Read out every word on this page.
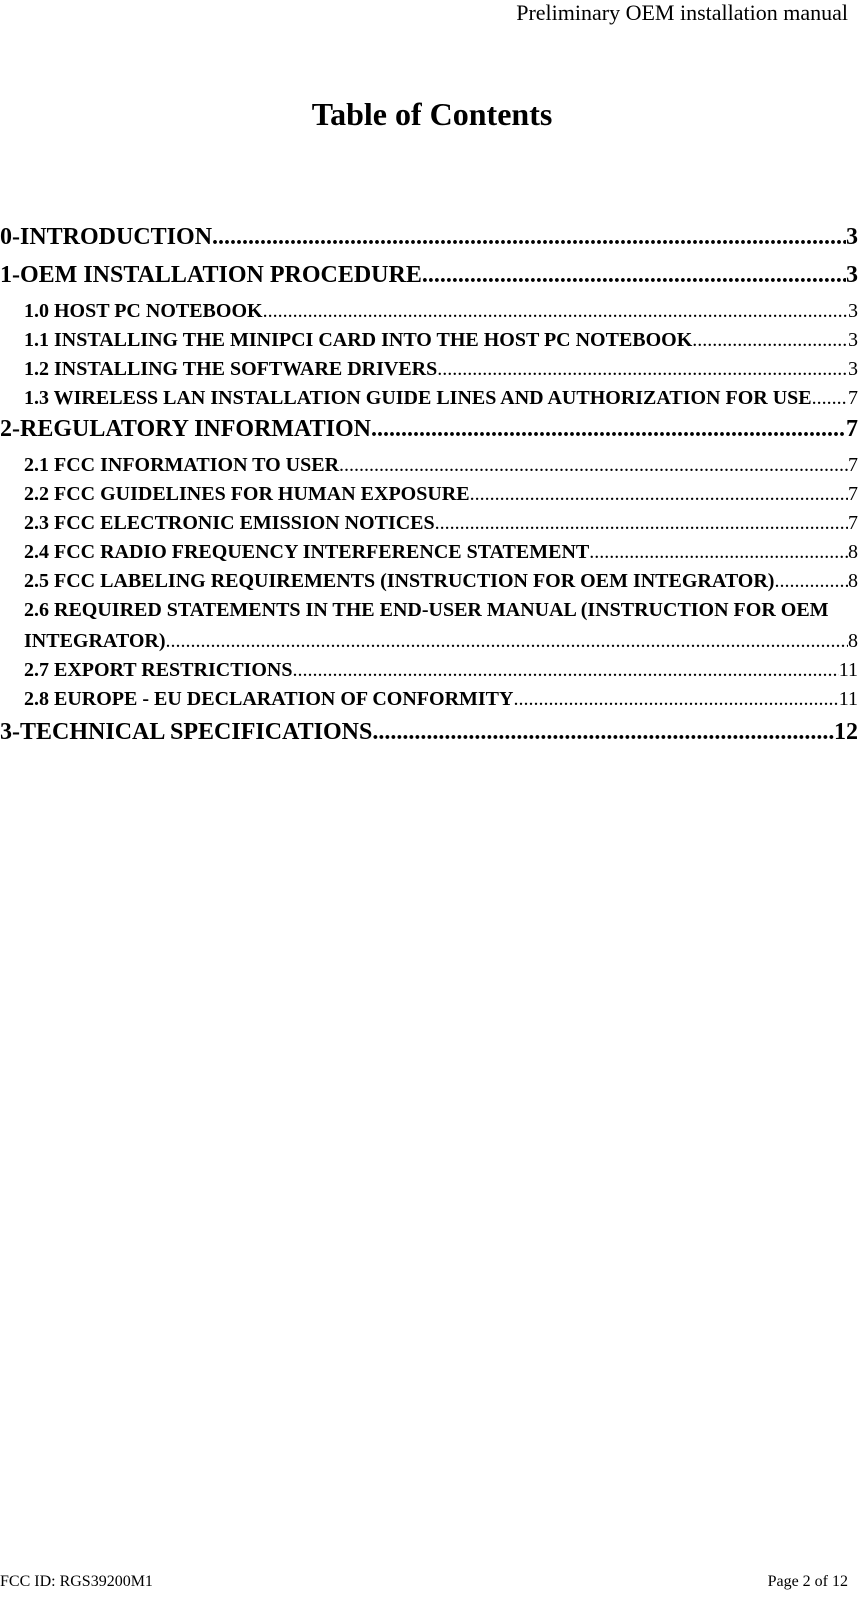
Preliminary OEM installation manual
Table of Contents
0-INTRODUCTION .....	3
1-OEM INSTALLATION PROCEDURE .....	3
1.0 HOST PC NOTEBOOK .....	3
1.1 INSTALLING THE MINIPCI CARD INTO THE HOST PC NOTEBOOK .....	3
1.2 INSTALLING THE SOFTWARE DRIVERS .....	3
1.3 WIRELESS LAN INSTALLATION GUIDE LINES AND AUTHORIZATION FOR USE ..... 7
2-REGULATORY INFORMATION .....	7
2.1 FCC INFORMATION TO USER .....	7
2.2 FCC GUIDELINES FOR HUMAN EXPOSURE .....	7
2.3 FCC ELECTRONIC EMISSION NOTICES .....	7
2.4 FCC RADIO FREQUENCY INTERFERENCE STATEMENT .....	8
2.5 FCC LABELING REQUIREMENTS (INSTRUCTION FOR OEM INTEGRATOR) .....	8
2.6 REQUIRED STATEMENTS IN THE END-USER MANUAL (INSTRUCTION FOR OEM
INTEGRATOR) .....	8
2.7 EXPORT RESTRICTIONS .....	11
2.8 EUROPE - EU DECLARATION OF CONFORMITY .....	11
3-TECHNICAL SPECIFICATIONS .....	12
FCC ID: RGS39200M1	Page 2 of 12
